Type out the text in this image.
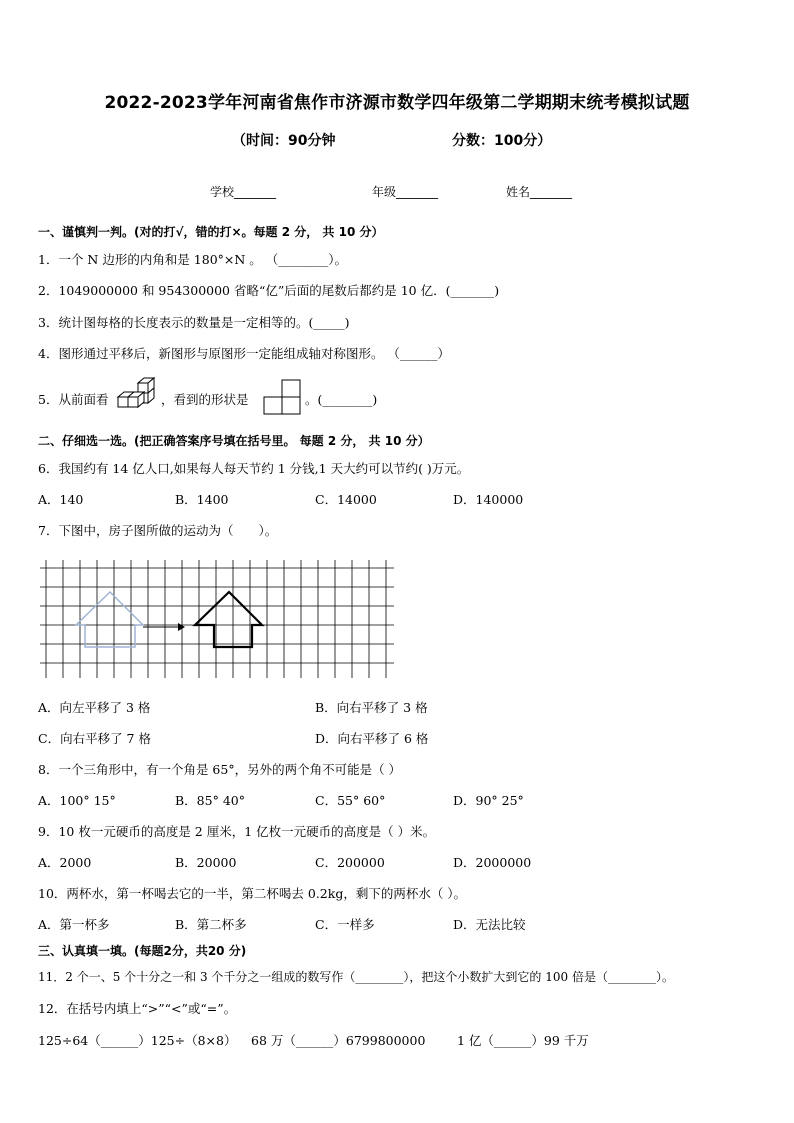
2022-2023学年河南省焦作市济源市数学四年级第二学期期末统考模拟试题
（时间：90分钟	分数：100分）
学校_______	年级_______	姓名_______
一、谨慎判一判。(对的打√，错的打×。每题 2 分， 共 10 分）
1．一个 N 边形的内角和是 180°×N 。 （________）。
2．1049000000 和 954300000 省略“亿”后面的尾数后都约是 10 亿．(_______)
3．统计图每格的长度表示的数量是一定相等的。(_____)
4．图形通过平移后，新图形与原图形一定能组成轴对称图形。 （______）
5．从前面看	，看到的形状是	。(________)
二、仔细选一选。(把正确答案序号填在括号里。 每题 2 分， 共 10 分）
6．我国约有 14 亿人口,如果每人每天节约 1 分钱,1 天大约可以节约( )万元。
A．140	B．1400	C．14000	D．140000
7．下图中，房子图所做的运动为（　　）。
A．向左平移了 3 格	B．向右平移了 3 格
C．向右平移了 7 格	D．向右平移了 6 格
8．一个三角形中，有一个角是 65°，另外的两个角不可能是（ ）
A．100° 15°	B．85° 40°	C．55° 60°	D．90° 25°
9．10 枚一元硬币的高度是 2 厘米，1 亿枚一元硬币的高度是（ ）米。
A．2000	B．20000	C．200000	D．2000000
10．两杯水，第一杯喝去它的一半，第二杯喝去 0.2kg，剩下的两杯水（ ）。
A．第一杯多	B．第二杯多	C．一样多	D．无法比较
三、认真填一填。(每题2分，共20 分)
11．2 个一、5 个十分之一和 3 个千分之一组成的数写作（________），把这个小数扩大到它的 100 倍是（________）。
12．在括号内填上“>”“<”或“=”。
125÷64（______）125÷（8×8） 68 万（______）6799800000	1 亿（______）99 千万
